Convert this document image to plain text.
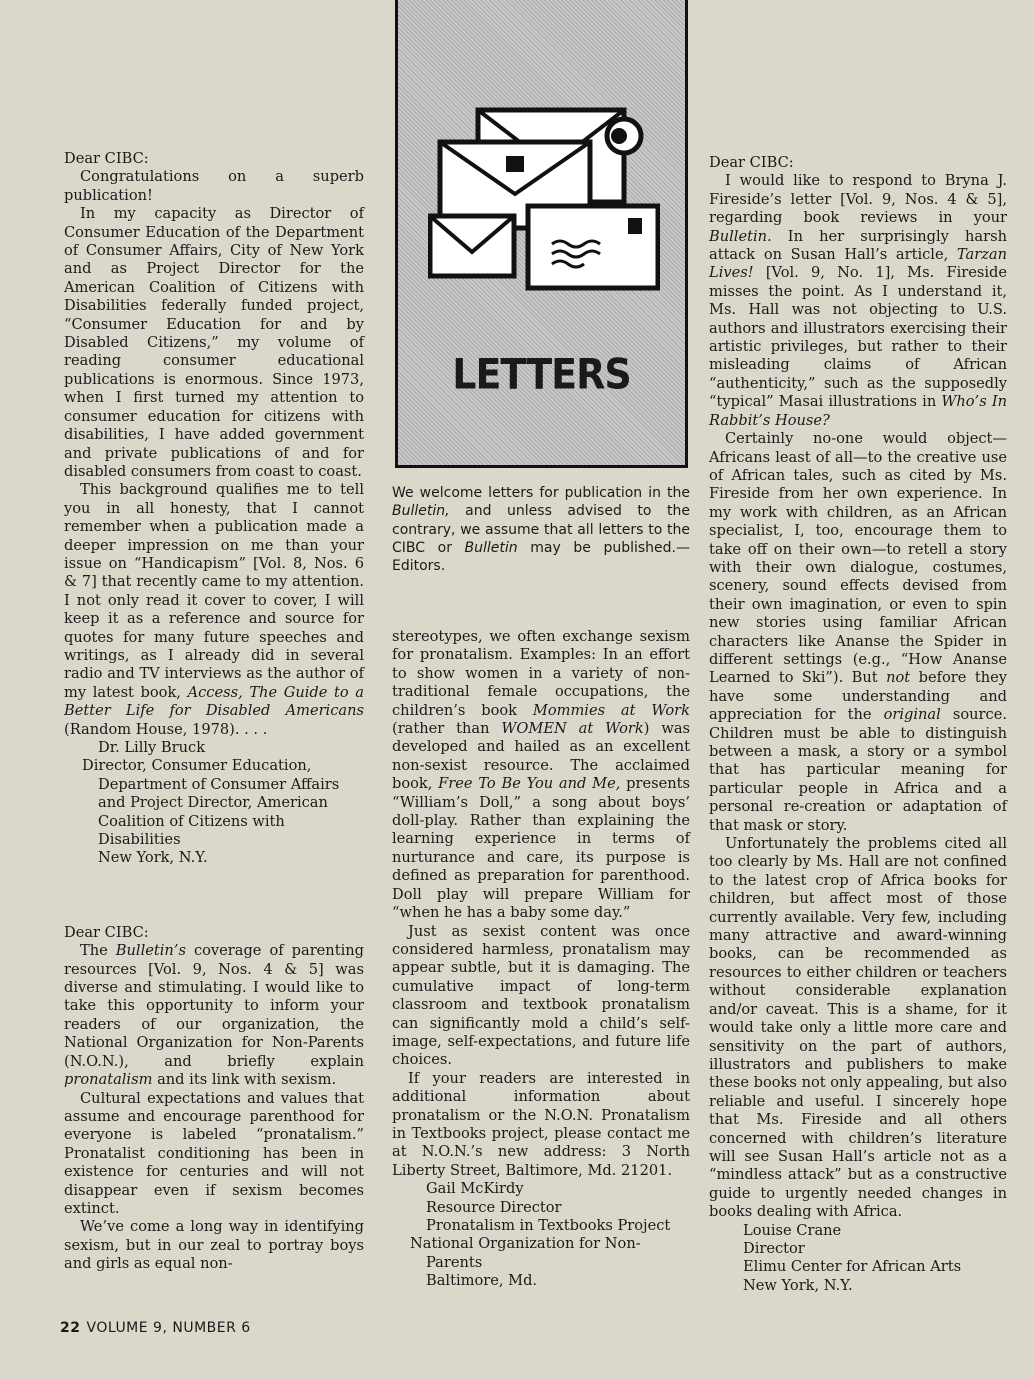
Dear CIBC:

Congratulations on a superb publication!

In my capacity as Director of Consumer Education of the Department of Consumer Affairs, City of New York and as Project Director for the American Coalition of Citizens with Disabilities federally funded project, “Consumer Education for and by Disabled Citizens,” my volume of reading consumer educational publications is enormous. Since 1973, when I first turned my attention to consumer education for citizens with disabilities, I have added government and private publications of and for disabled consumers from coast to coast.

This background qualifies me to tell you in all honesty, that I cannot remember when a publication made a deeper impression on me than your issue on “Handicapism” [Vol. 8, Nos. 6 & 7] that recently came to my attention. I not only read it cover to cover, I will keep it as a reference and source for quotes for many future speeches and writings, as I already did in several radio and TV interviews as the author of my latest book, Access, The Guide to a Better Life for Disabled Americans (Random House, 1978). . . .

Dr. Lilly Bruck

Director, Consumer Education, Department of Consumer Affairs and Project Director, American Coalition of Citizens with Disabilities

New York, N.Y.

Dear CIBC:

The Bulletin’s coverage of parenting resources [Vol. 9, Nos. 4 & 5] was diverse and stimulating. I would like to take this opportunity to inform your readers of our organization, the National Organization for Non-Parents (N.O.N.), and briefly explain pronatalism and its link with sexism.

Cultural expectations and values that assume and encourage parenthood for everyone is labeled “pronatalism.” Pronatalist conditioning has been in existence for centuries and will not disappear even if sexism becomes extinct.

We’ve come a long way in identifying sexism, but in our zeal to portray boys and girls as equal non-

LETTERS

We welcome letters for publication in the Bulletin, and unless advised to the contrary, we assume that all letters to the CIBC or Bulletin may be published.—Editors.

stereotypes, we often exchange sexism for pronatalism. Examples: In an effort to show women in a variety of non-traditional female occupations, the children’s book Mommies at Work (rather than WOMEN at Work) was developed and hailed as an excellent non-sexist resource. The acclaimed book, Free To Be You and Me, presents “William’s Doll,” a song about boys’ doll-play. Rather than explaining the learning experience in terms of nurturance and care, its purpose is defined as preparation for parenthood. Doll play will prepare William for “when he has a baby some day.”

Just as sexist content was once considered harmless, pronatalism may appear subtle, but it is damaging. The cumulative impact of long-term classroom and textbook pronatalism can significantly mold a child’s self-image, self-expectations, and future life choices.

If your readers are interested in additional information about pronatalism or the N.O.N. Pronatalism in Textbooks project, please contact me at N.O.N.’s new address: 3 North Liberty Street, Baltimore, Md. 21201.

Gail McKirdy

Resource Director

Pronatalism in Textbooks Project

National Organization for Non-Parents

Baltimore, Md.

Dear CIBC:

I would like to respond to Bryna J. Fireside’s letter [Vol. 9, Nos. 4 & 5], regarding book reviews in your Bulletin. In her surprisingly harsh attack on Susan Hall’s article, Tarzan Lives! [Vol. 9, No. 1], Ms. Fireside misses the point. As I understand it, Ms. Hall was not objecting to U.S. authors and illustrators exercising their artistic privileges, but rather to their misleading claims of African “authenticity,” such as the supposedly “typical” Masai illustrations in Who’s In Rabbit’s House?

Certainly no-one would object—Africans least of all—to the creative use of African tales, such as cited by Ms. Fireside from her own experience. In my work with children, as an African specialist, I, too, encourage them to take off on their own—to retell a story with their own dialogue, costumes, scenery, sound effects devised from their own imagination, or even to spin new stories using familiar African characters like Ananse the Spider in different settings (e.g., “How Ananse Learned to Ski”). But not before they have some understanding and appreciation for the original source. Children must be able to distinguish between a mask, a story or a symbol that has particular meaning for particular people in Africa and a personal re-creation or adaptation of that mask or story.

Unfortunately the problems cited all too clearly by Ms. Hall are not confined to the latest crop of Africa books for children, but affect most of those currently available. Very few, including many attractive and award-winning books, can be recommended as resources to either children or teachers without considerable explanation and/or caveat. This is a shame, for it would take only a little more care and sensitivity on the part of authors, illustrators and publishers to make these books not only appealing, but also reliable and useful. I sincerely hope that Ms. Fireside and all others concerned with children’s literature will see Susan Hall’s article not as a “mindless attack” but as a constructive guide to urgently needed changes in books dealing with Africa.

Louise Crane

Director

Elimu Center for African Arts

New York, N.Y.

22 VOLUME 9, NUMBER 6
